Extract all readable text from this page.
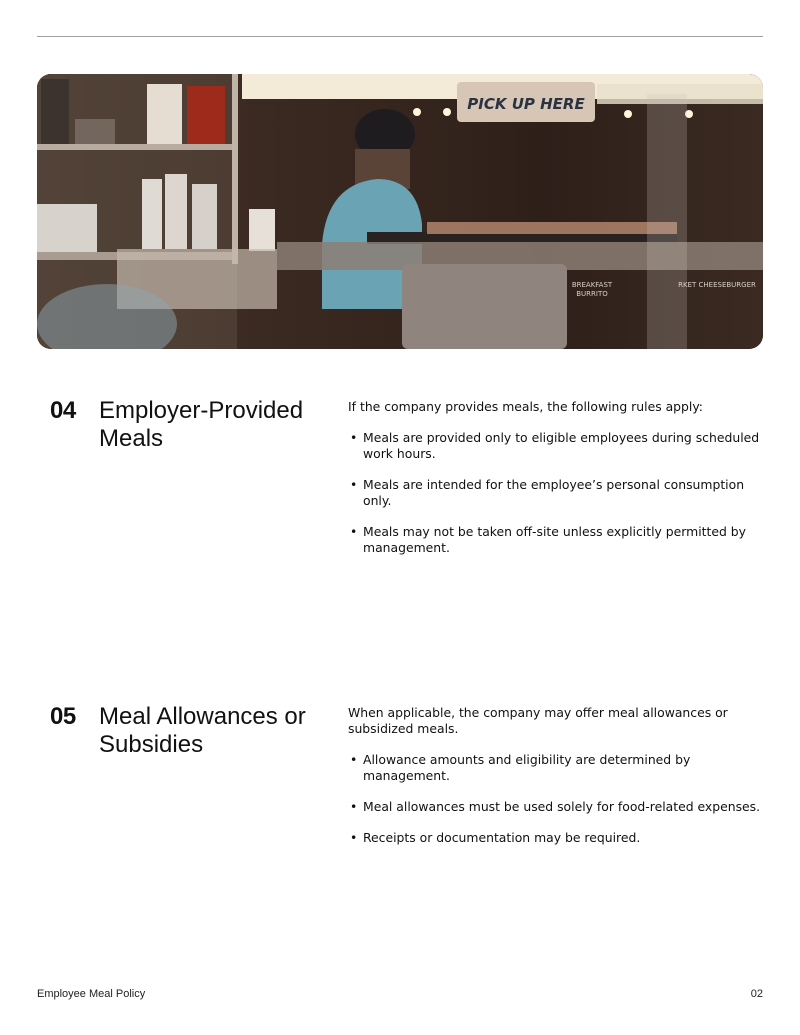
PICK UP HERE
BREAKFAST
BURRITO
RKET CHEESEBURGER
04 Employer-Provided Meals

If the company provides meals, the following rules apply:

• Meals are provided only to eligible employees during scheduled work hours.
• Meals are intended for the employee’s personal consumption only.
• Meals may not be taken off-site unless explicitly permitted by management.
05 Meal Allowances or Subsidies

When applicable, the company may offer meal allowances or subsidized meals.

• Allowance amounts and eligibility are determined by management.
• Meal allowances must be used solely for food-related expenses.
• Receipts or documentation may be required.
Employee Meal Policy	02
